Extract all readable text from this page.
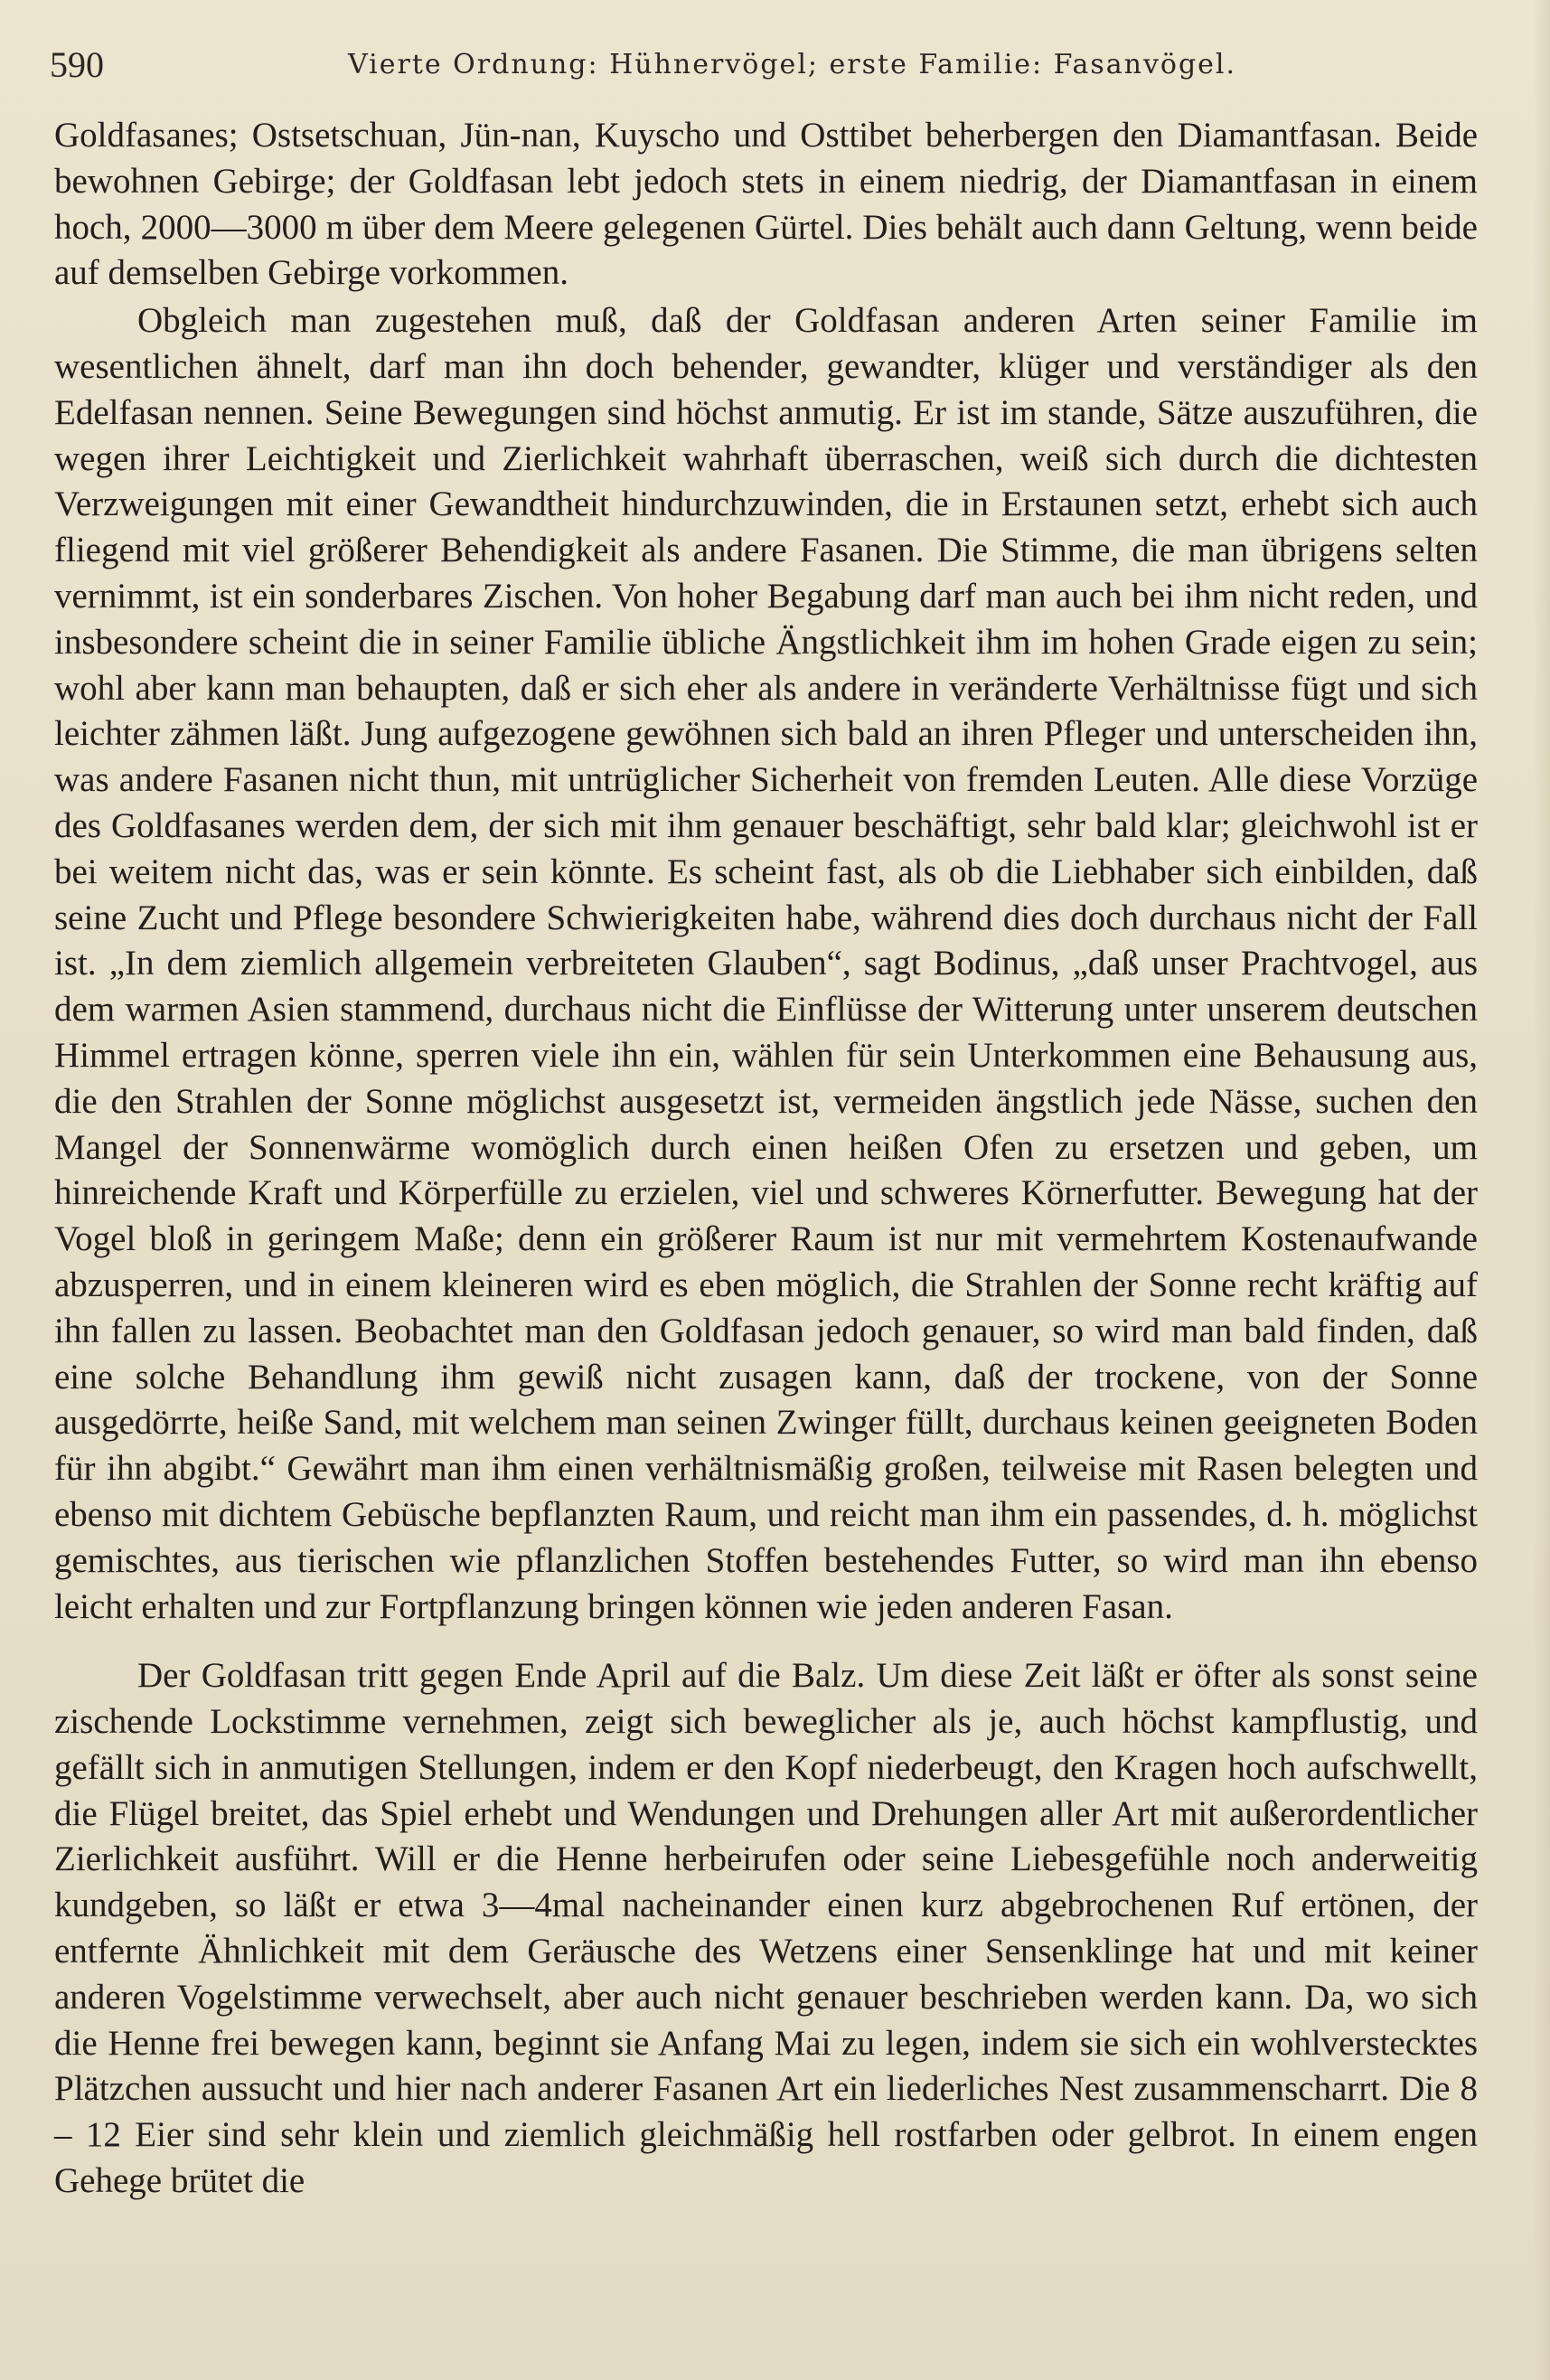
590	Vierte Ordnung: Hühnervögel; erste Familie: Fasanvögel.

Goldfasanes; Ostsetschuan, Jün-nan, Kuyscho und Osttibet beherbergen den Diamantfasan. Beide bewohnen Gebirge; der Goldfasan lebt jedoch stets in einem niedrig, der Diamantfasan in einem hoch, 2000—3000 m über dem Meere gelegenen Gürtel. Dies behält auch dann Geltung, wenn beide auf demselben Gebirge vorkommen.

Obgleich man zugestehen muß, daß der Goldfasan anderen Arten seiner Familie im wesentlichen ähnelt, darf man ihn doch behender, gewandter, klüger und verständiger als den Edelfasan nennen. Seine Bewegungen sind höchst anmutig. Er ist im stande, Sätze auszuführen, die wegen ihrer Leichtigkeit und Zierlichkeit wahrhaft überraschen, weiß sich durch die dichtesten Verzweigungen mit einer Gewandtheit hindurchzuwinden, die in Erstaunen setzt, erhebt sich auch fliegend mit viel größerer Behendigkeit als andere Fasanen. Die Stimme, die man übrigens selten vernimmt, ist ein sonderbares Zischen. Von hoher Begabung darf man auch bei ihm nicht reden, und insbesondere scheint die in seiner Familie übliche Ängstlichkeit ihm im hohen Grade eigen zu sein; wohl aber kann man behaupten, daß er sich eher als andere in veränderte Verhältnisse fügt und sich leichter zähmen läßt. Jung aufgezogene gewöhnen sich bald an ihren Pfleger und unterscheiden ihn, was andere Fasanen nicht thun, mit untrüglicher Sicherheit von fremden Leuten. Alle diese Vorzüge des Goldfasanes werden dem, der sich mit ihm genauer beschäftigt, sehr bald klar; gleichwohl ist er bei weitem nicht das, was er sein könnte. Es scheint fast, als ob die Liebhaber sich einbilden, daß seine Zucht und Pflege besondere Schwierigkeiten habe, während dies doch durchaus nicht der Fall ist. „In dem ziemlich allgemein verbreiteten Glauben“, sagt Bodinus, „daß unser Prachtvogel, aus dem warmen Asien stammend, durchaus nicht die Einflüsse der Witterung unter unserem deutschen Himmel ertragen könne, sperren viele ihn ein, wählen für sein Unterkommen eine Behausung aus, die den Strahlen der Sonne möglichst ausgesetzt ist, vermeiden ängstlich jede Nässe, suchen den Mangel der Sonnenwärme womöglich durch einen heißen Ofen zu ersetzen und geben, um hinreichende Kraft und Körperfülle zu erzielen, viel und schweres Körnerfutter. Bewegung hat der Vogel bloß in geringem Maße; denn ein größerer Raum ist nur mit vermehrtem Kostenaufwande abzusperren, und in einem kleineren wird es eben möglich, die Strahlen der Sonne recht kräftig auf ihn fallen zu lassen. Beobachtet man den Goldfasan jedoch genauer, so wird man bald finden, daß eine solche Behandlung ihm gewiß nicht zusagen kann, daß der trockene, von der Sonne ausgedörrte, heiße Sand, mit welchem man seinen Zwinger füllt, durchaus keinen geeigneten Boden für ihn abgibt.“ Gewährt man ihm einen verhältnismäßig großen, teilweise mit Rasen belegten und ebenso mit dichtem Gebüsche bepflanzten Raum, und reicht man ihm ein passendes, d. h. möglichst gemischtes, aus tierischen wie pflanzlichen Stoffen bestehendes Futter, so wird man ihn ebenso leicht erhalten und zur Fortpflanzung bringen können wie jeden anderen Fasan.

Der Goldfasan tritt gegen Ende April auf die Balz. Um diese Zeit läßt er öfter als sonst seine zischende Lockstimme vernehmen, zeigt sich beweglicher als je, auch höchst kampflustig, und gefällt sich in anmutigen Stellungen, indem er den Kopf niederbeugt, den Kragen hoch aufschwellt, die Flügel breitet, das Spiel erhebt und Wendungen und Drehungen aller Art mit außerordentlicher Zierlichkeit ausführt. Will er die Henne herbeirufen oder seine Liebesgefühle noch anderweitig kundgeben, so läßt er etwa 3—4mal nacheinander einen kurz abgebrochenen Ruf ertönen, der entfernte Ähnlichkeit mit dem Geräusche des Wetzens einer Sensenklinge hat und mit keiner anderen Vogelstimme verwechselt, aber auch nicht genauer beschrieben werden kann. Da, wo sich die Henne frei bewegen kann, beginnt sie Anfang Mai zu legen, indem sie sich ein wohlverstecktes Plätzchen aussucht und hier nach anderer Fasanen Art ein liederliches Nest zusammenscharrt. Die 8 – 12 Eier sind sehr klein und ziemlich gleichmäßig hell rostfarben oder gelbrot. In einem engen Gehege brütet die
